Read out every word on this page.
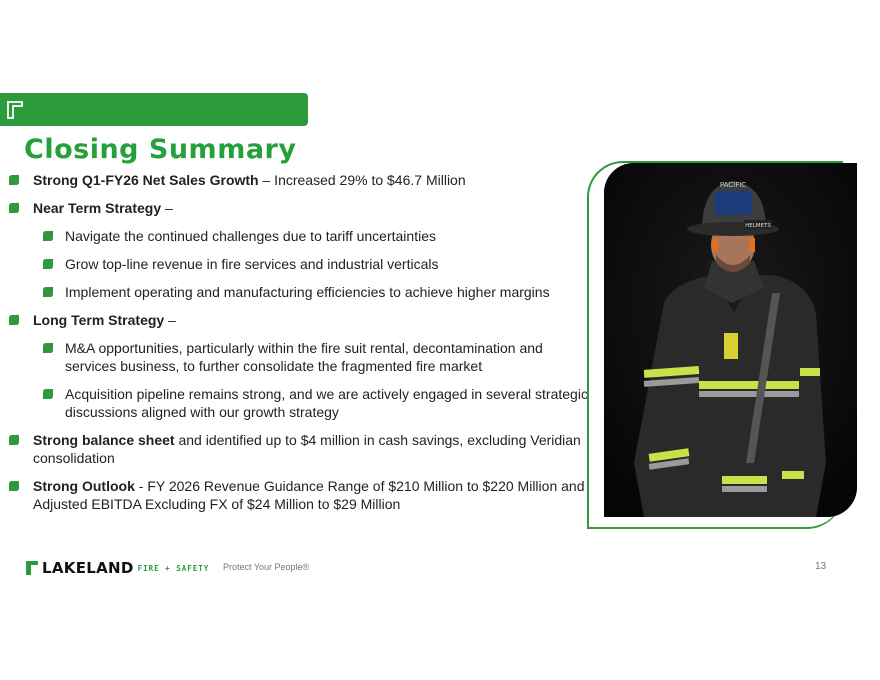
Closing Summary
Strong Q1-FY26 Net Sales Growth – Increased 29% to $46.7 Million
Near Term Strategy –
Navigate the continued challenges due to tariff uncertainties
Grow top-line revenue in fire services and industrial verticals
Implement operating and manufacturing efficiencies to achieve higher margins
Long Term Strategy –
M&A opportunities, particularly within the fire suit rental, decontamination and services business, to further consolidate the fragmented fire market
Acquisition pipeline remains strong, and we are actively engaged in several strategic discussions aligned with our growth strategy
Strong balance sheet and identified up to $4 million in cash savings, excluding Veridian consolidation
Strong Outlook - FY 2026 Revenue Guidance Range of $210 Million to $220 Million and Adjusted EBITDA Excluding FX of $24 Million to $29 Million
PACIFIC
HELMETS
LAKELAND FIRE + SAFETY Protect Your People®	13
